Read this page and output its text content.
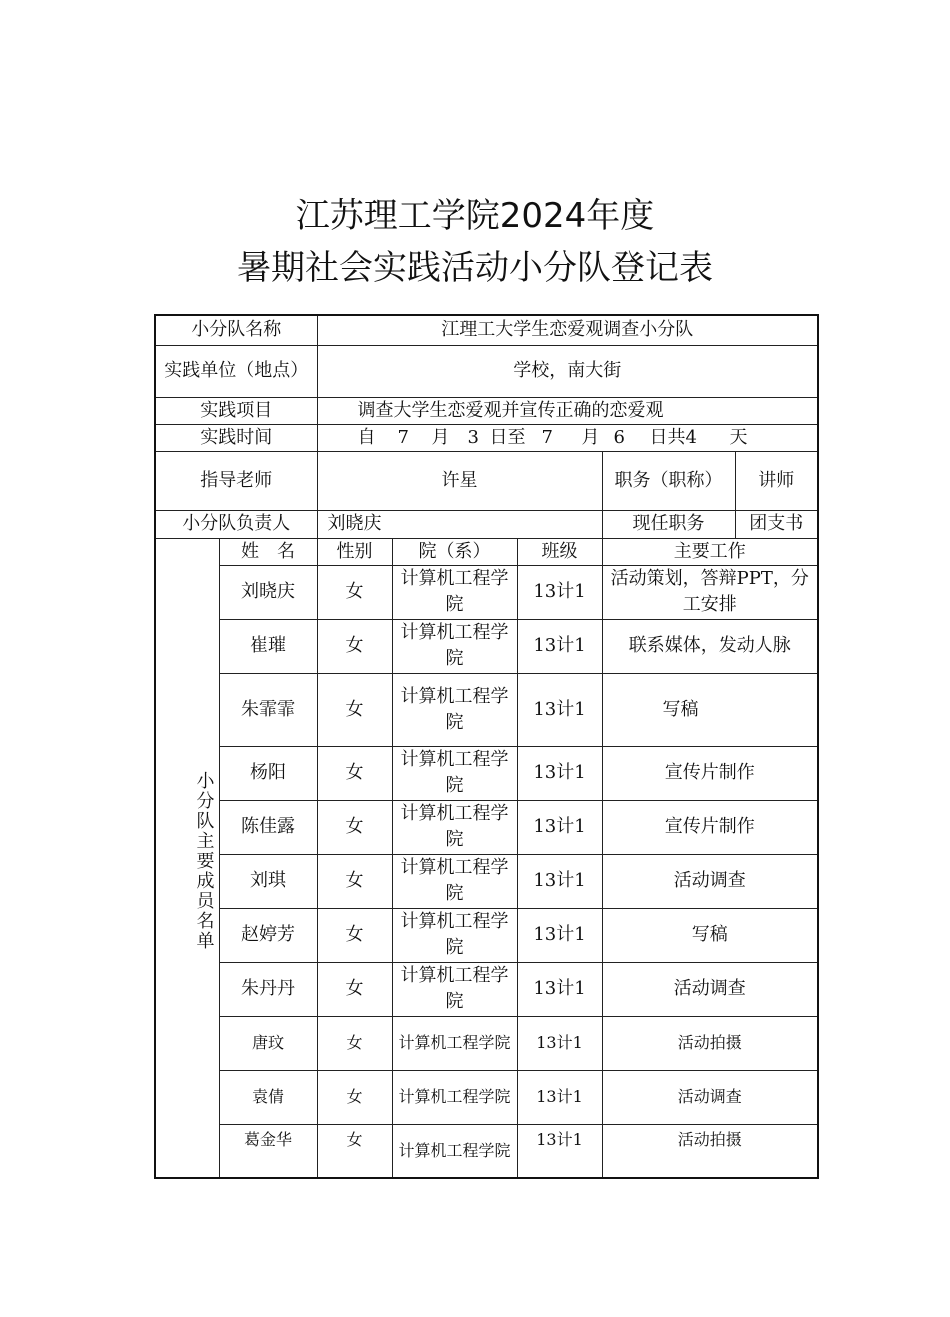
江苏理工学院2024年度
暑期社会实践活动小分队登记表
小分队名称	江理工大学生恋爱观调查小分队
实践单位（地点）	学校，南大街
实践项目	调查大学生恋爱观并宣传正确的恋爱观
实践时间	自 7 月 3 日至 7 月 6 日共4 天
指导老师	许星		职务（职称）	讲师

小分队负责人	刘晓庆		现任职务	团支书

小分队主要成员名单	姓　名	性别	院（系）	班级	主要工作
刘晓庆	女	计算机工程学院	13计1	活动策划，答辩PPT，分工安排
崔璀	女	计算机工程学院	13计1	联系媒体，发动人脉
朱霏霏	女	计算机工程学院	13计1	写稿
杨阳	女	计算机工程学院	13计1	宣传片制作
陈佳露	女	计算机工程学院	13计1	宣传片制作
刘琪	女	计算机工程学院	13计1	活动调查
赵婷芳	女	计算机工程学院	13计1	写稿
朱丹丹	女	计算机工程学院	13计1	活动调查
唐玟	女	计算机工程学院	13计1	活动拍摄
袁倩	女	计算机工程学院	13计1	活动调查
葛金华	女	计算机工程学院	13计1	活动拍摄
